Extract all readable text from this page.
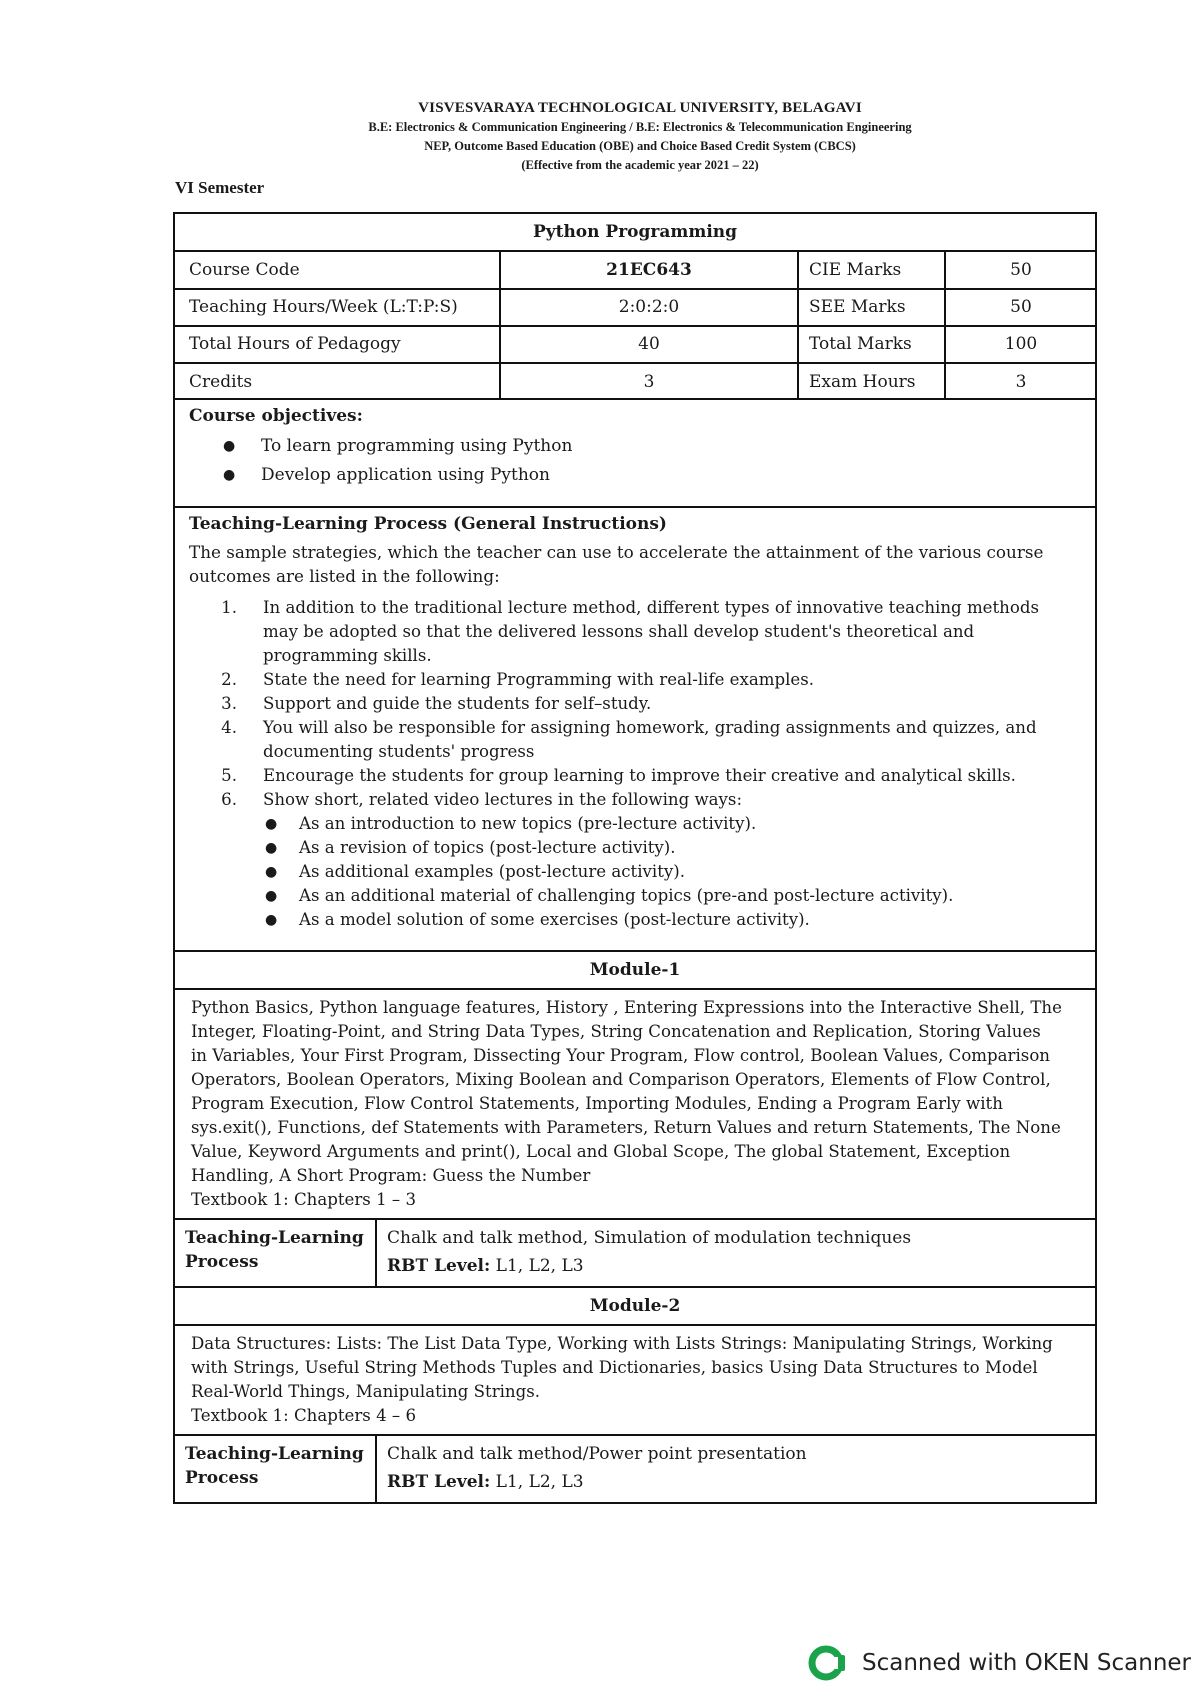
VISVESVARAYA TECHNOLOGICAL UNIVERSITY, BELAGAVI
B.E: Electronics & Communication Engineering / B.E: Electronics & Telecommunication Engineering
NEP, Outcome Based Education (OBE) and Choice Based Credit System (CBCS)
(Effective from the academic year 2021 – 22)
VI Semester
Python Programming
Course Code	21EC643	CIE Marks	50
Teaching Hours/Week (L:T:P:S)	2:0:2:0	SEE Marks	50
Total Hours of Pedagogy	40	Total Marks	100
Credits	3	Exam Hours	3
Course objectives:
● To learn programming using Python
● Develop application using Python
Teaching-Learning Process (General Instructions)
The sample strategies, which the teacher can use to accelerate the attainment of the various course
outcomes are listed in the following:
1. In addition to the traditional lecture method, different types of innovative teaching methods
may be adopted so that the delivered lessons shall develop student's theoretical and
programming skills.
2. State the need for learning Programming with real-life examples.
3. Support and guide the students for self–study.
4. You will also be responsible for assigning homework, grading assignments and quizzes, and
documenting students' progress
5. Encourage the students for group learning to improve their creative and analytical skills.
6. Show short, related video lectures in the following ways:
● As an introduction to new topics (pre-lecture activity).
● As a revision of topics (post-lecture activity).
● As additional examples (post-lecture activity).
● As an additional material of challenging topics (pre-and post-lecture activity).
● As a model solution of some exercises (post-lecture activity).
Module-1
Python Basics, Python language features, History , Entering Expressions into the Interactive Shell, The
Integer, Floating-Point, and String Data Types, String Concatenation and Replication, Storing Values
in Variables, Your First Program, Dissecting Your Program, Flow control, Boolean Values, Comparison
Operators, Boolean Operators, Mixing Boolean and Comparison Operators, Elements of Flow Control,
Program Execution, Flow Control Statements, Importing Modules, Ending a Program Early with
sys.exit(), Functions, def Statements with Parameters, Return Values and return Statements, The None
Value, Keyword Arguments and print(), Local and Global Scope, The global Statement, Exception
Handling, A Short Program: Guess the Number
Textbook 1: Chapters 1 – 3
Teaching-Learning
Process
Chalk and talk method, Simulation of modulation techniques
RBT Level: L1, L2, L3
Module-2
Data Structures: Lists: The List Data Type, Working with Lists Strings: Manipulating Strings, Working
with Strings, Useful String Methods Tuples and Dictionaries, basics Using Data Structures to Model
Real-World Things, Manipulating Strings.
Textbook 1: Chapters 4 – 6
Teaching-Learning
Process
Chalk and talk method/Power point presentation
RBT Level: L1, L2, L3
Scanned with OKEN Scanner
